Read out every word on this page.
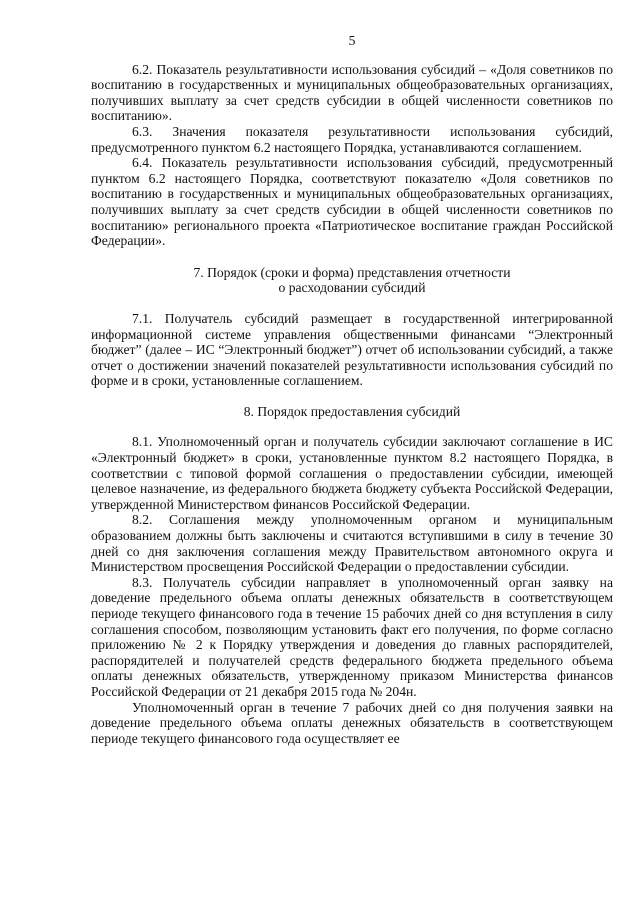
5

6.2. Показатель результативности использования субсидий – «Доля советников по воспитанию в государственных и муниципальных общеобразовательных организациях, получивших выплату за счет средств субсидии в общей численности советников по воспитанию».

6.3. Значения показателя результативности использования субсидий, предусмотренного пунктом 6.2 настоящего Порядка, устанавливаются соглашением.

6.4. Показатель результативности использования субсидий, предусмотренный пунктом 6.2 настоящего Порядка, соответствуют показателю «Доля советников по воспитанию в государственных и муниципальных общеобразовательных организациях, получивших выплату за счет средств субсидии в общей численности советников по воспитанию» регионального проекта «Патриотическое воспитание граждан Российской Федерации».

7. Порядок (сроки и форма) представления отчетности

о расходовании субсидий

7.1. Получатель субсидий размещает в государственной интегрированной информационной системе управления общественными финансами “Электронный бюджет” (далее – ИС “Электронный бюджет”) отчет об использовании субсидий, а также отчет о достижении значений показателей результативности использования субсидий по форме и в сроки, установленные соглашением.

8. Порядок предоставления субсидий

8.1. Уполномоченный орган и получатель субсидии заключают соглашение в ИС «Электронный бюджет» в сроки, установленные пунктом 8.2 настоящего Порядка, в соответствии с типовой формой соглашения о предоставлении субсидии, имеющей целевое назначение, из федерального бюджета бюджету субъекта Российской Федерации, утвержденной Министерством финансов Российской Федерации.

8.2. Соглашения между уполномоченным органом и муниципальным образованием должны быть заключены и считаются вступившими в силу в течение 30 дней со дня заключения соглашения между Правительством автономного округа и Министерством просвещения Российской Федерации о предоставлении субсидии.

8.3. Получатель субсидии направляет в уполномоченный орган заявку на доведение предельного объема оплаты денежных обязательств в соответствующем периоде текущего финансового года в течение 15 рабочих дней со дня вступления в силу соглашения способом, позволяющим установить факт его получения, по форме согласно приложению № 2 к Порядку утверждения и доведения до главных распорядителей, распорядителей и получателей средств федерального бюджета предельного объема оплаты денежных обязательств, утвержденному приказом Министерства финансов Российской Федерации от 21 декабря 2015 года № 204н.

Уполномоченный орган в течение 7 рабочих дней со дня получения заявки на доведение предельного объема оплаты денежных обязательств в соответствующем периоде текущего финансового года осуществляет ее
